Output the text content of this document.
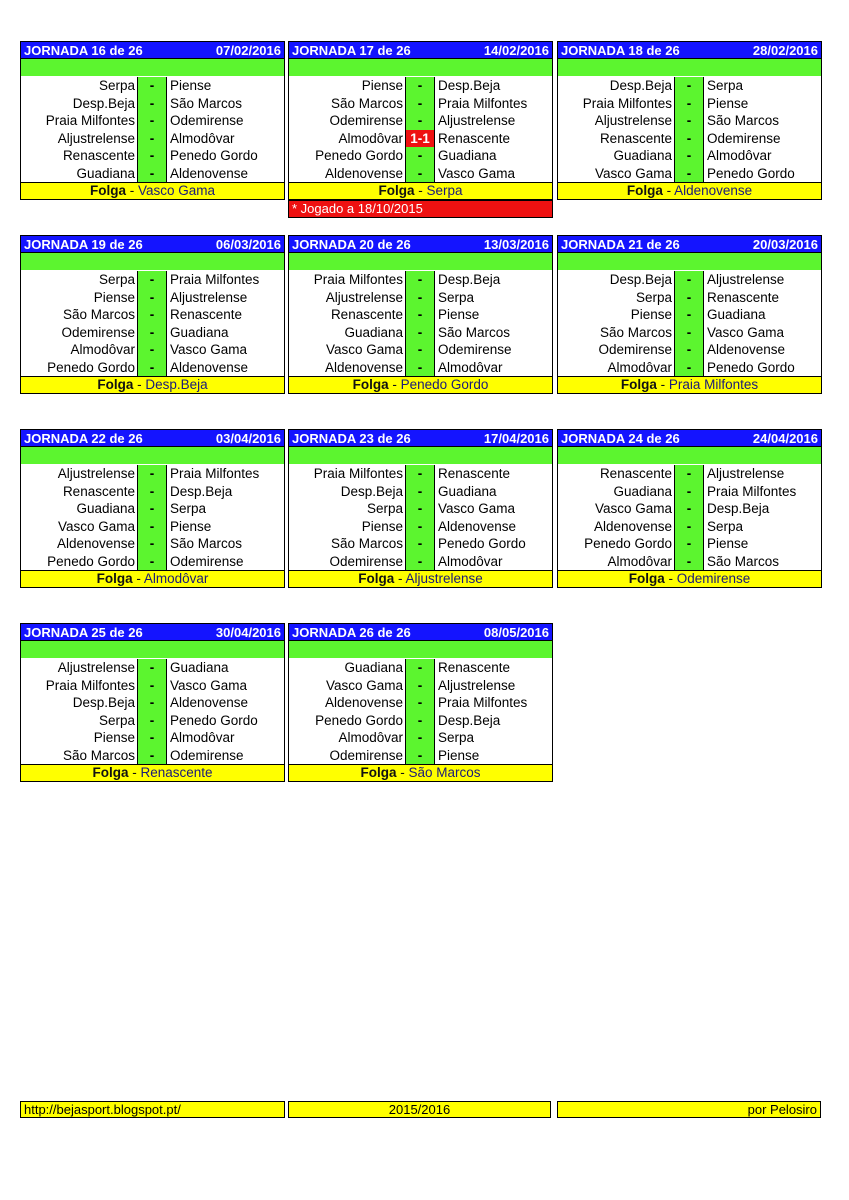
JORNADA 16 de 26	07/02/2016
Serpa	-	Piense
Desp.Beja	-	São Marcos
Praia Milfontes	-	Odemirense
Aljustrelense	-	Almodôvar
Renascente	-	Penedo Gordo
Guadiana	-	Aldenovense
Folga - Vasco Gama
JORNADA 17 de 26	14/02/2016
Piense	-	Desp.Beja
São Marcos	-	Praia Milfontes
Odemirense	-	Aljustrelense
Almodôvar 1-1 Renascente
Penedo Gordo	-	Guadiana
Aldenovense	-	Vasco Gama
Folga - Serpa
* Jogado a 18/10/2015
JORNADA 18 de 26	28/02/2016
Desp.Beja	-	Serpa
Praia Milfontes	-	Piense
Aljustrelense	-	São Marcos
Renascente	-	Odemirense
Guadiana	-	Almodôvar
Vasco Gama	-	Penedo Gordo
Folga - Aldenovense
JORNADA 19 de 26	06/03/2016
Serpa	-	Praia Milfontes
Piense	-	Aljustrelense
São Marcos	-	Renascente
Odemirense	-	Guadiana
Almodôvar	-	Vasco Gama
Penedo Gordo	-	Aldenovense
Folga - Desp.Beja
JORNADA 20 de 26	13/03/2016
Praia Milfontes	-	Desp.Beja
Aljustrelense	-	Serpa
Renascente	-	Piense
Guadiana	-	São Marcos
Vasco Gama	-	Odemirense
Aldenovense	-	Almodôvar
Folga - Penedo Gordo
JORNADA 21 de 26	20/03/2016
Desp.Beja	-	Aljustrelense
Serpa	-	Renascente
Piense	-	Guadiana
São Marcos	-	Vasco Gama
Odemirense	-	Aldenovense
Almodôvar	-	Penedo Gordo
Folga - Praia Milfontes
JORNADA 22 de 26	03/04/2016
Aljustrelense	-	Praia Milfontes
Renascente	-	Desp.Beja
Guadiana	-	Serpa
Vasco Gama	-	Piense
Aldenovense	-	São Marcos
Penedo Gordo	-	Odemirense
Folga - Almodôvar
JORNADA 23 de 26	17/04/2016
Praia Milfontes	-	Renascente
Desp.Beja	-	Guadiana
Serpa	-	Vasco Gama
Piense	-	Aldenovense
São Marcos	-	Penedo Gordo
Odemirense	-	Almodôvar
Folga - Aljustrelense
JORNADA 24 de 26	24/04/2016
Renascente	-	Aljustrelense
Guadiana	-	Praia Milfontes
Vasco Gama	-	Desp.Beja
Aldenovense	-	Serpa
Penedo Gordo	-	Piense
Almodôvar	-	São Marcos
Folga - Odemirense
JORNADA 25 de 26	30/04/2016
Aljustrelense	-	Guadiana
Praia Milfontes	-	Vasco Gama
Desp.Beja	-	Aldenovense
Serpa	-	Penedo Gordo
Piense	-	Almodôvar
São Marcos	-	Odemirense
Folga - Renascente
JORNADA 26 de 26	08/05/2016
Guadiana	-	Renascente
Vasco Gama	-	Aljustrelense
Aldenovense	-	Praia Milfontes
Penedo Gordo	-	Desp.Beja
Almodôvar	-	Serpa
Odemirense	-	Piense
Folga - São Marcos
http://bejasport.blogspot.pt/	2015/2016	por Pelosiro
